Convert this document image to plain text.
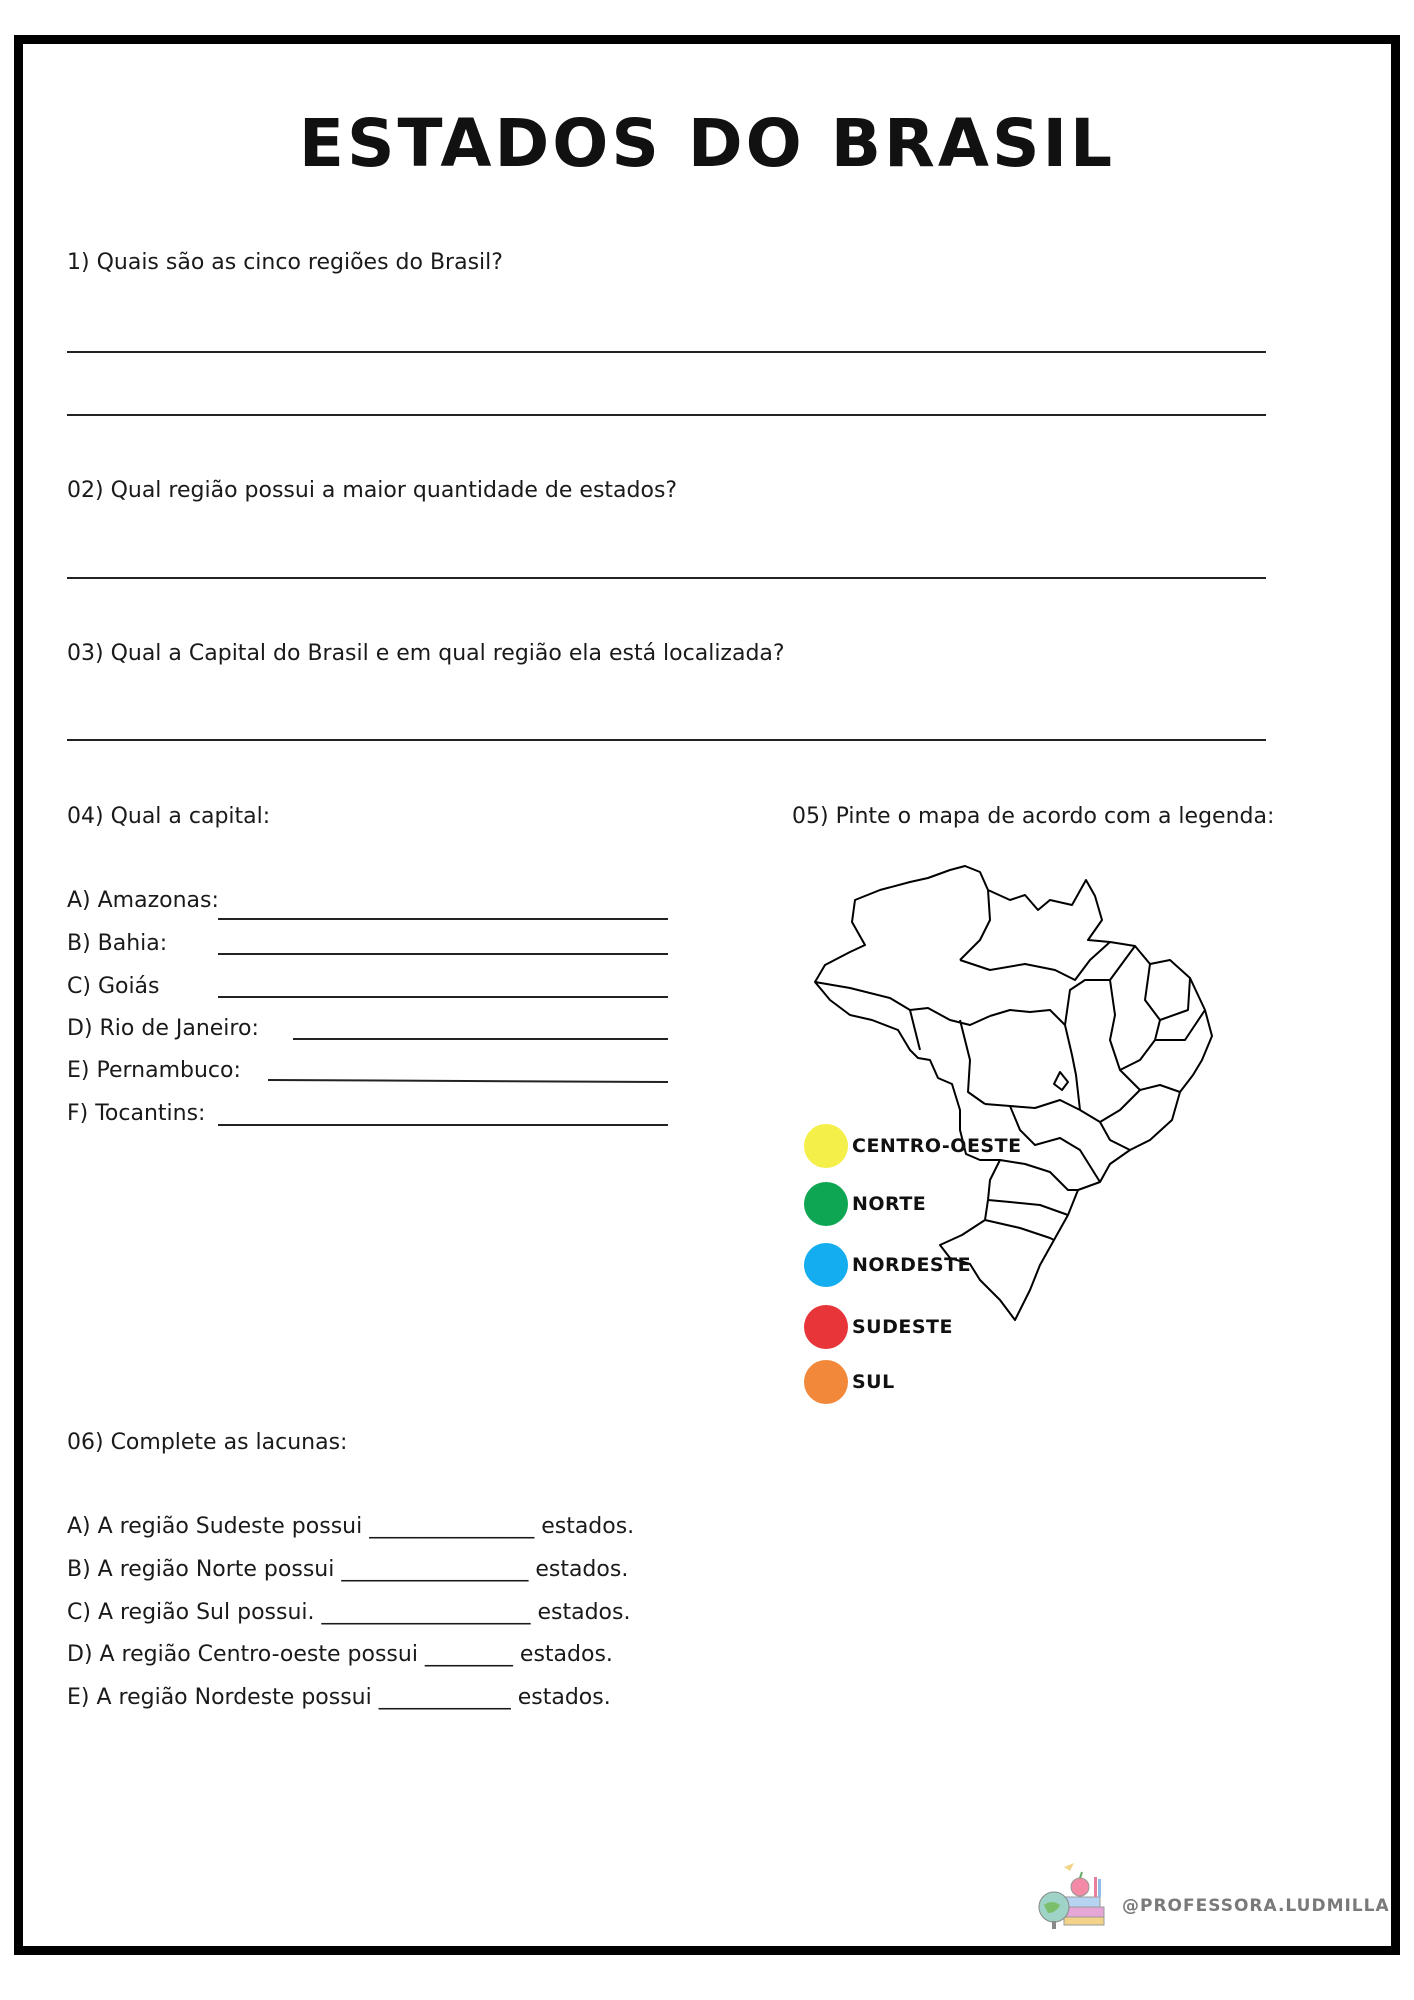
ESTADOS DO BRASIL
1) Quais são as cinco regiões do Brasil?
02) Qual região possui a maior quantidade de estados?
03) Qual a Capital do Brasil e em qual região ela está localizada?
04) Qual a capital:
A) Amazonas:
B) Bahia:
C) Goiás
D) Rio de Janeiro:
E) Pernambuco:
F) Tocantins:
05) Pinte o mapa de acordo com a legenda:
CENTRO-OESTE
NORTE
NORDESTE
SUDESTE
SUL
06) Complete as lacunas:
A) A região Sudeste possui _______________ estados.
B) A região Norte possui _________________ estados.
C) A região Sul possui. ___________________ estados.
D) A região Centro-oeste possui ________ estados.
E) A região Nordeste possui ____________ estados.
@PROFESSORA.LUDMILLA
